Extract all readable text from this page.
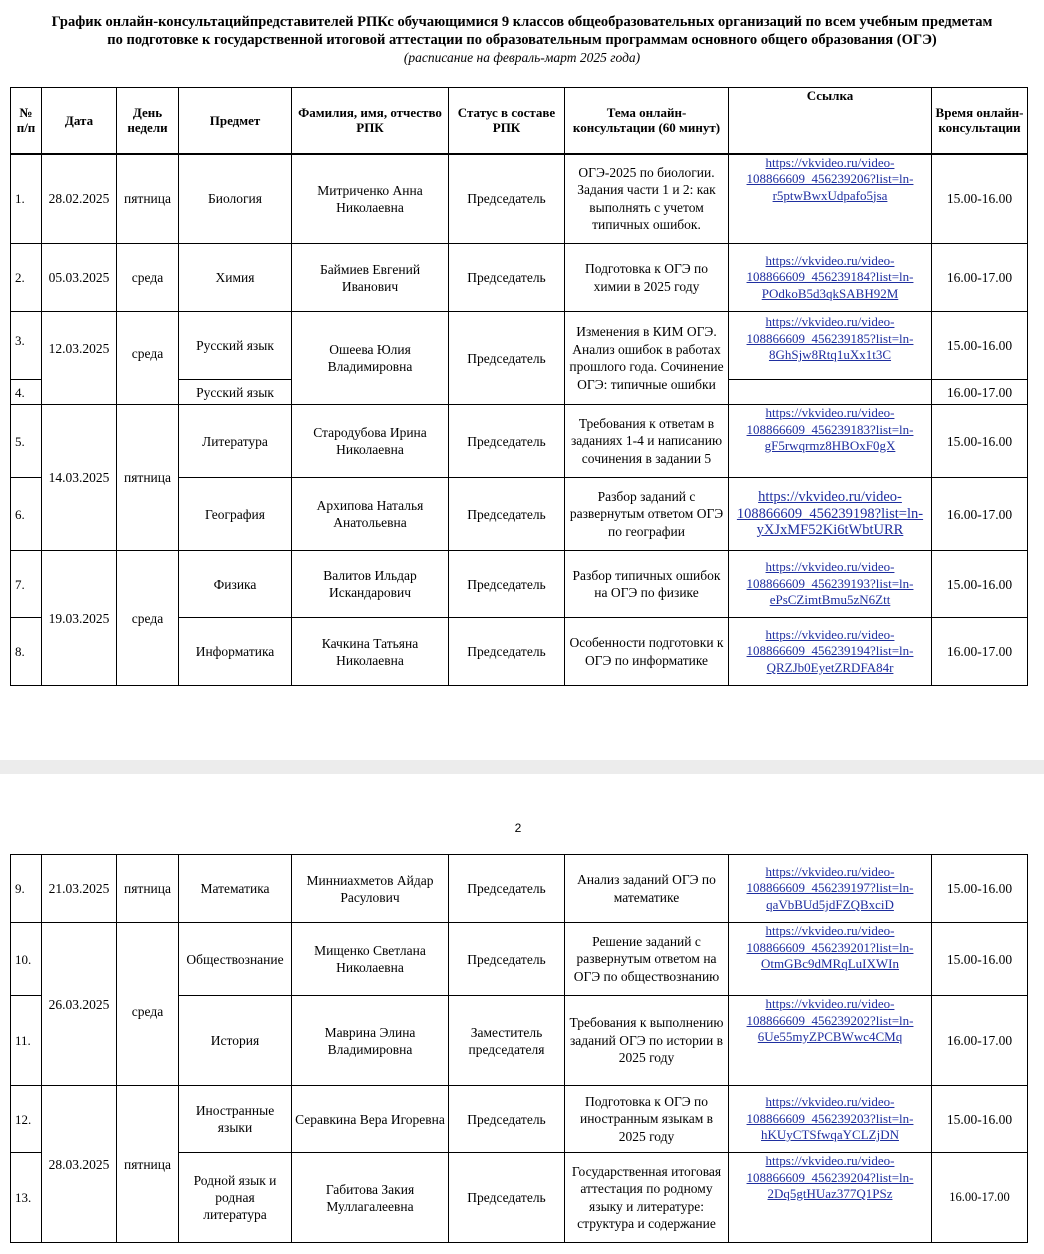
График онлайн-консультацийпредставителей РПКс обучающимися 9 классов общеобразовательных организаций по всем учебным предметам
по подготовке к государственной итоговой аттестации по образовательным программам основного общего образования (ОГЭ)
(расписание на февраль-март 2025 года)
№ п/п	Дата	День недели	Предмет	Фамилия, имя, отчество РПК	Статус в составе РПК	Тема онлайн-консультации (60 минут)	Ссылка	Время онлайн-консультации
1.	28.02.2025	пятница	Биология	Митриченко Анна Николаевна	Председатель	ОГЭ-2025 по биологии. Задания части 1 и 2: как выполнять с учетом типичных ошибок.	https://vkvideo.ru/video-108866609_456239206?list=ln-r5ptwBwxUdpafo5jsa	15.00-16.00
2.	05.03.2025	среда	Химия	Баймиев Евгений Иванович	Председатель	Подготовка к ОГЭ по химии в 2025 году	https://vkvideo.ru/video-108866609_456239184?list=ln-POdkoB5d3qkSABH92M	16.00-17.00
3.	12.03.2025	среда	Русский язык	Ошеева Юлия Владимировна	Председатель	Изменения в КИМ ОГЭ. Анализ ошибок в работах прошлого года. Сочинение ОГЭ: типичные ошибки	https://vkvideo.ru/video-108866609_456239185?list=ln-8GhSjw8Rtq1uXx1t3C	15.00-16.00
4.			Русский язык					16.00-17.00
5.	14.03.2025	пятница	Литература	Стародубова Ирина Николаевна	Председатель	Требования к ответам в заданиях 1-4 и написанию сочинения в задании 5	https://vkvideo.ru/video-108866609_456239183?list=ln-gF5rwqrmz8HBOxF0gX	15.00-16.00
6.			География	Архипова Наталья Анатольевна	Председатель	Разбор заданий с развернутым ответом ОГЭ по географии	https://vkvideo.ru/video-108866609_456239198?list=ln-yXJxMF52Ki6tWbtURR	16.00-17.00
7.	19.03.2025	среда	Физика	Валитов Ильдар Искандарович	Председатель	Разбор типичных ошибок на ОГЭ по физике	https://vkvideo.ru/video-108866609_456239193?list=ln-ePsCZimtBmu5zN6Ztt	15.00-16.00
8.			Информатика	Качкина Татьяна Николаевна	Председатель	Особенности подготовки к ОГЭ по информатике	https://vkvideo.ru/video-108866609_456239194?list=ln-QRZJb0EyetZRDFA84r	16.00-17.00
2
9.	21.03.2025	пятница	Математика	Минниахметов Айдар Расулович	Председатель	Анализ заданий ОГЭ по математике	https://vkvideo.ru/video-108866609_456239197?list=ln-qaVbBUd5jdFZQBxciD	15.00-16.00
10.	26.03.2025	среда	Обществознание	Мищенко Светлана Николаевна	Председатель	Решение заданий с развернутым ответом на ОГЭ по обществознанию	https://vkvideo.ru/video-108866609_456239201?list=ln-OtmGBc9dMRqLuIXWIn	15.00-16.00
11.			История	Маврина Элина Владимировна	Заместитель председателя	Требования к выполнению заданий ОГЭ по истории в 2025 году	https://vkvideo.ru/video-108866609_456239202?list=ln-6Ue55myZPCBWwc4CMq	16.00-17.00
12.	28.03.2025	пятница	Иностранные языки	Серавкина Вера Игоревна	Председатель	Подготовка к ОГЭ по иностранным языкам в 2025 году	https://vkvideo.ru/video-108866609_456239203?list=ln-hKUyCTSfwqaYCLZjDN	15.00-16.00
13.			Родной язык и родная литература	Габитова Закия Муллагалеевна	Председатель	Государственная итоговая аттестация по родному языку и литературе: структура и содержание	https://vkvideo.ru/video-108866609_456239204?list=ln-2Dq5gtHUaz377Q1PSz	16.00-17.00
